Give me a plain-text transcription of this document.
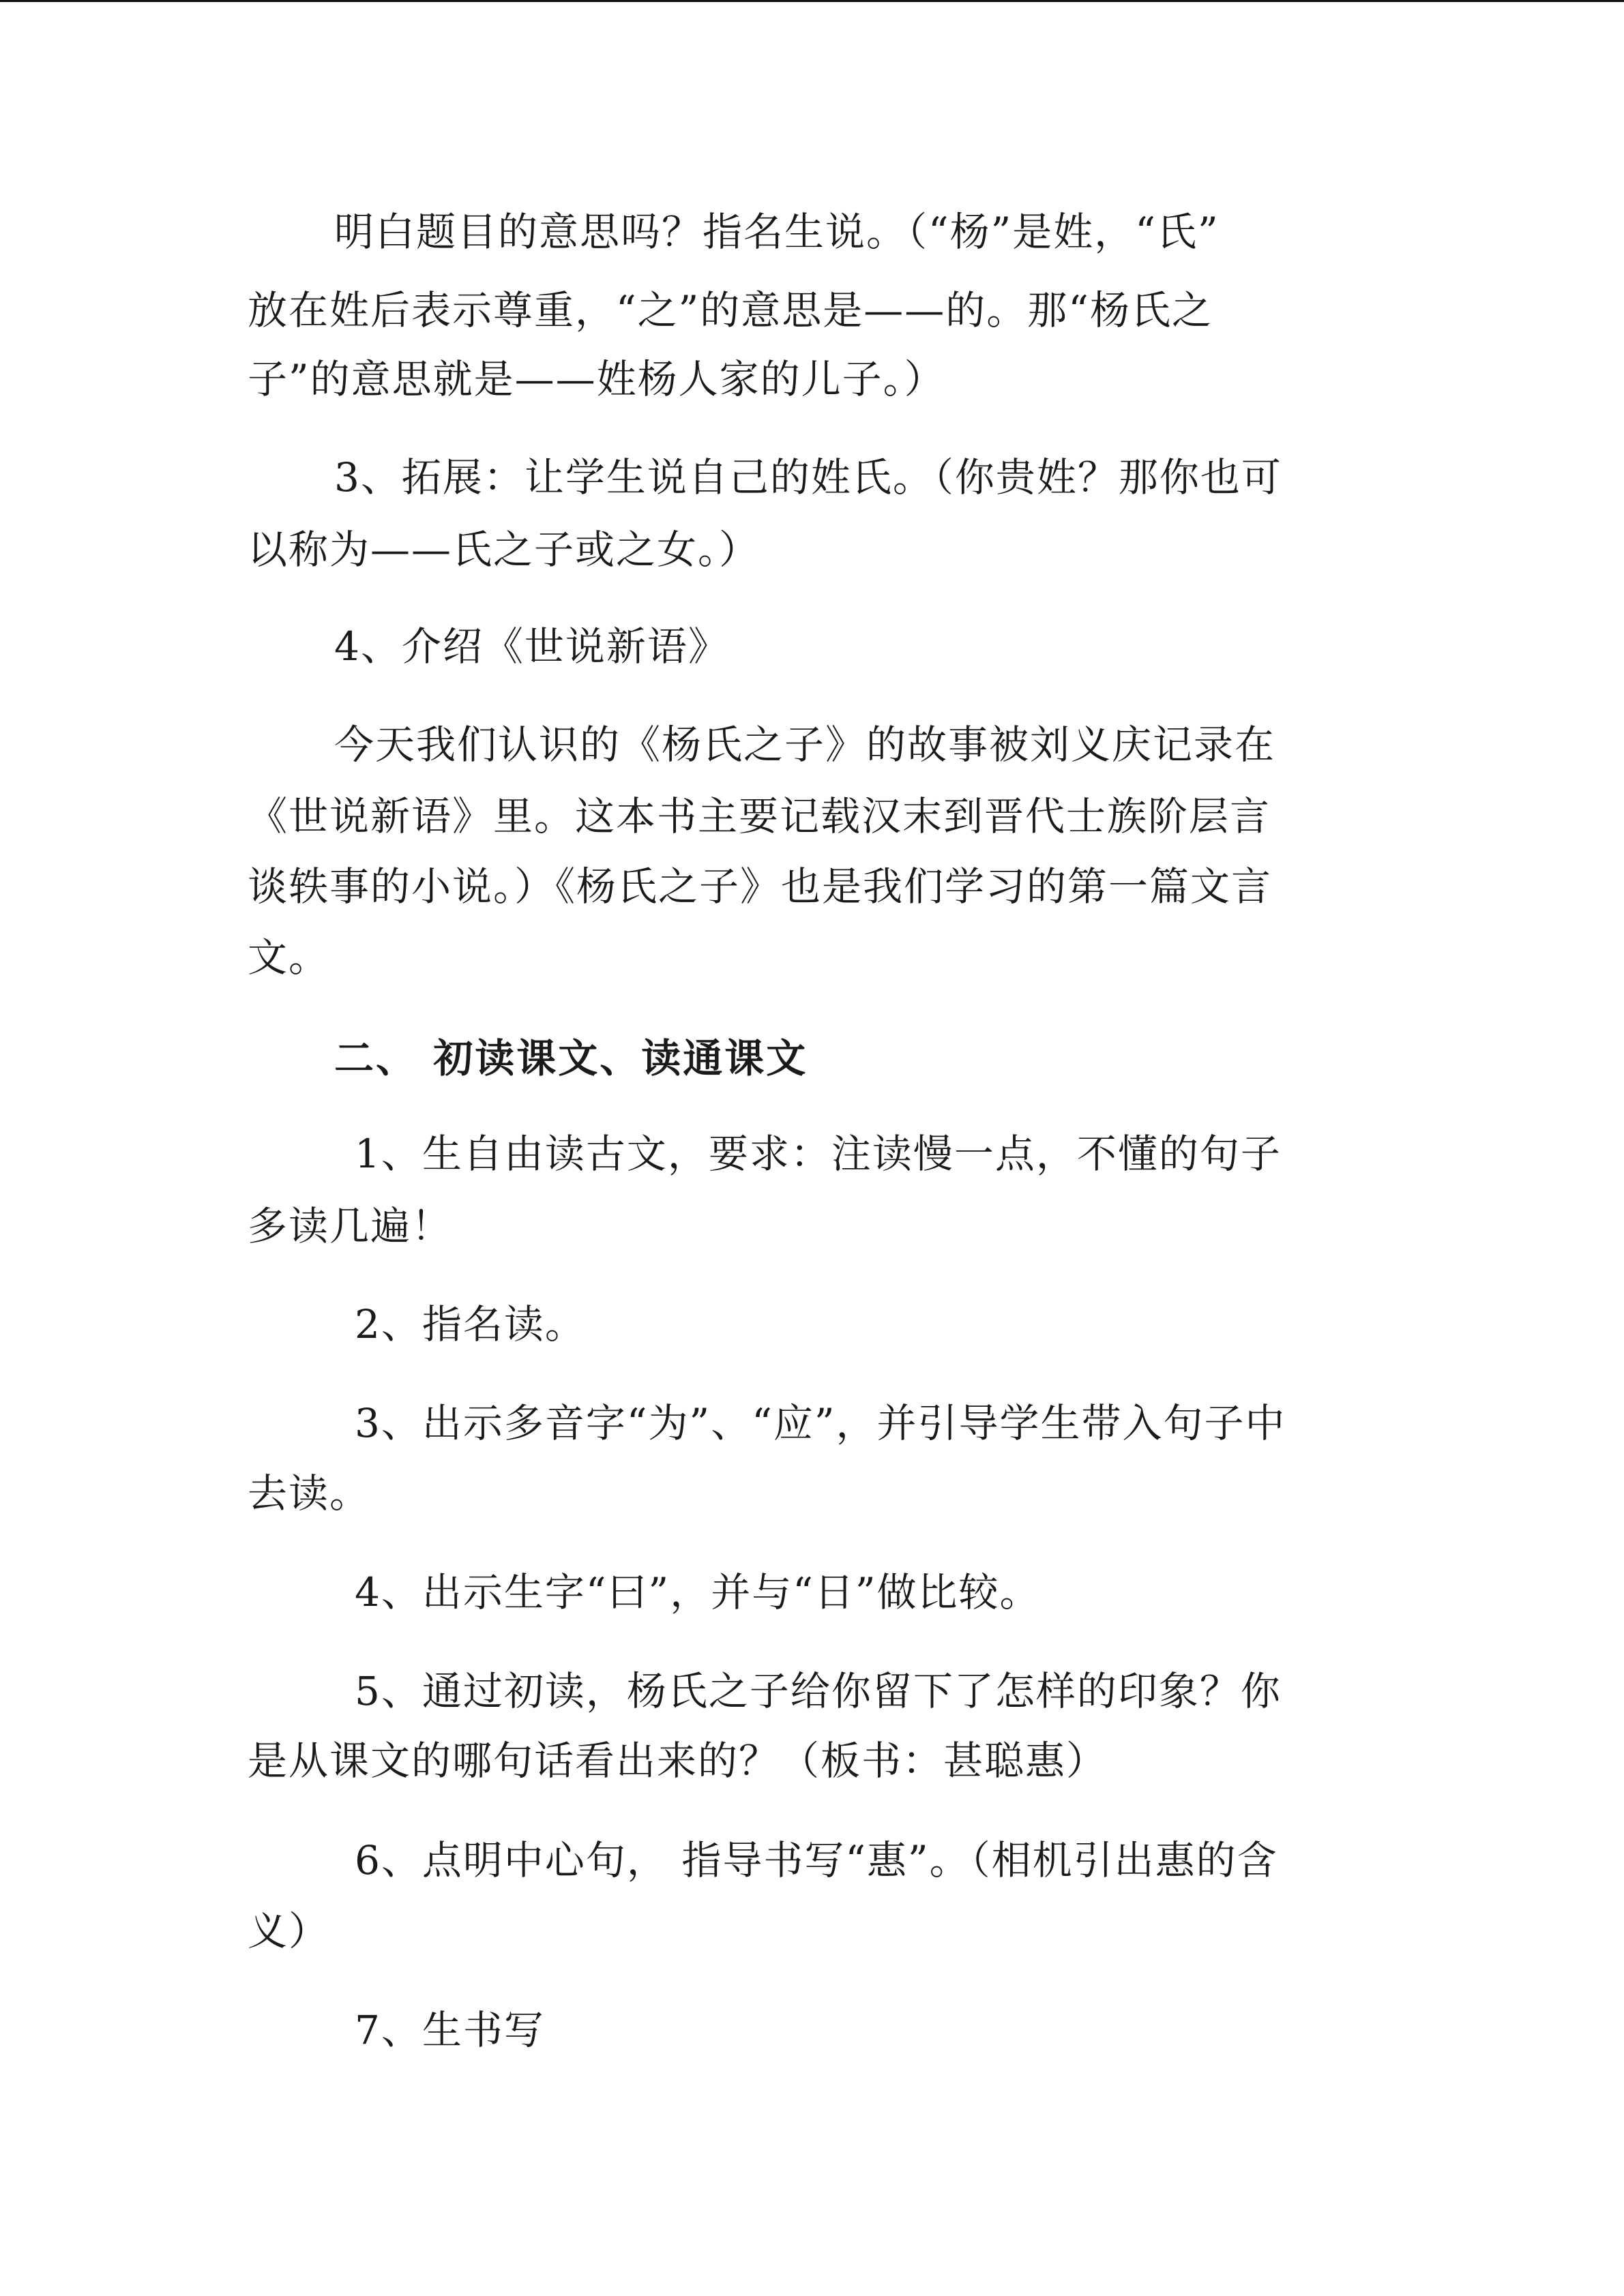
明白题目的意思吗？指名生说。（“杨”是姓，“氏”
放在姓后表示尊重，“之”的意思是——的。那“杨氏之
子”的意思就是——姓杨人家的儿子。）
3、拓展：让学生说自己的姓氏。（你贵姓？那你也可
以称为——氏之子或之女。）
4、介绍《世说新语》
今天我们认识的《杨氏之子》的故事被刘义庆记录在
《世说新语》里。这本书主要记载汉末到晋代士族阶层言
谈轶事的小说。）《杨氏之子》也是我们学习的第一篇文言
文。
二、 初读课文、读通课文
1、生自由读古文，要求：注读慢一点，不懂的句子
多读几遍！
2、指名读。
3、出示多音字“为”、“应”，并引导学生带入句子中
去读。
4、出示生字“曰”，并与“日”做比较。
5、通过初读，杨氏之子给你留下了怎样的印象？你
是从课文的哪句话看出来的？（板书：甚聪惠）
6、点明中心句， 指导书写“惠”。（相机引出惠的含
义）
7、生书写
